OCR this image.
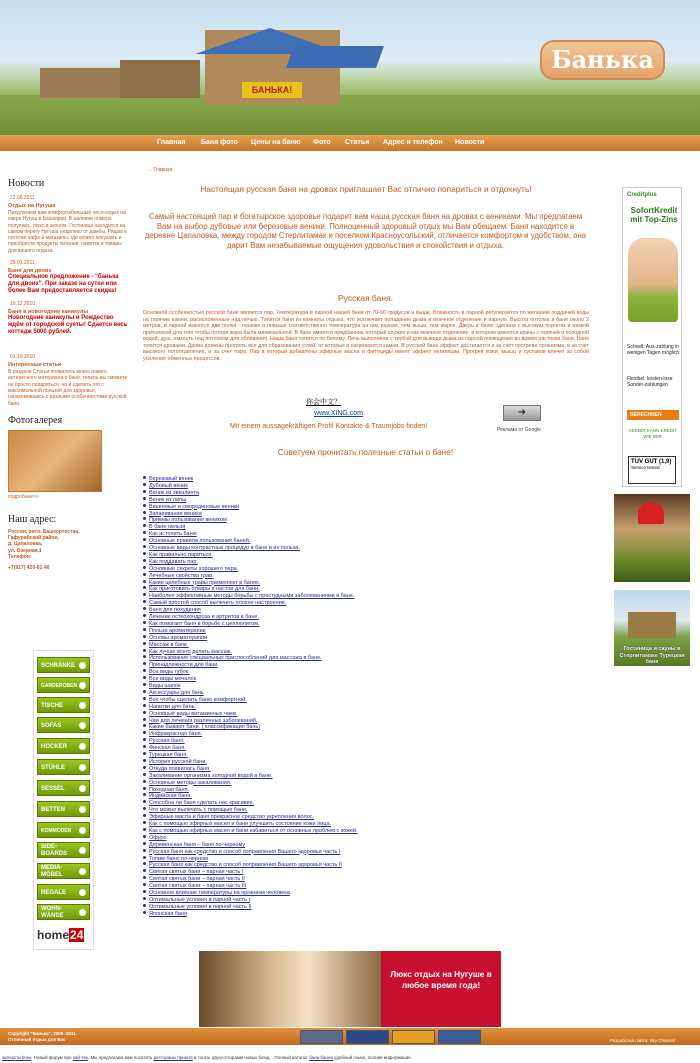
БАНЬКА!
Банька
Главная Баня фото Цены на баню Фото Статьи Адрес и телефон Новости
Новости
22.06.2011
Отдых на Нугуше
Предлагаем вам комфортабельный лесо-отдых на озере Нугуш в Башкирии. В наличии номера полулюкс, люкс и эконом. Гостиница находится на самом берегу Нугуша недалеко от дамбы. Рядом в посёлке кафе и магазины, где можно покушать и приобрести продукты питания, напитки и товары для вашего отдыха.
25.01.2011
Баня для двоих
Специальное предложение - "банька для двоих". При заказе на сутки или более Вам предоставляется скидка!
15.12.2010
Баня в новогодние каникулы
Новогодние каникулы и Рождество ждём от городской суеты! Сдается весь коттедж 5000 рублей.
01.10.2010
Интересные статьи
В разделе Статьи появилось много нового интересного материала о бане, теперь вы сможете не просто попариться, но и сделать это с максимальной пользой для здоровья, ознакомившись с разными особенностями русской бани.
Фотогалерея
подробнее>>
Наш адрес:
Россия, респ. Башкортостан,
Гафурийский район,
д. Цапаловка,
ул. Озерная,1
Телефон:
+7(917) 420-81-40
SCHRÄNKE
GARDEROBEN
TISCHE
SOFAS
HOCKER
STÜHLE
SESSEL
BETTEN
KOMMODEN
SIDE-BOARDS
MEDIA-MÖBEL
REGALE
WOHN-WÄNDE
home24
→ Главная
Настоящая русская баня на дровах приглашает Вас отлично попариться и отдохнуть!
Самый настоящий пар и богатырское здоровье подарит вам наша русская баня на дровах с вениками. Мы предлагаем Вам на выбор дубовые или березовые веники. Полноценный здоровый отдых мы Вам обещаем. Баня находится в деревне Цапаловка, между городом Стерлитамак и поселком Красноусольский, отличается комфортом и удобством, она дарит Вам незабываемые ощущения удовольствия и спокойствия и отдыха.
Русская баня.
Основной особенностью русской бани является пар. Температура в парной нашей бани от 70-90 градусов и выше. Влажность в парной регулируется по желанию поддачей воды на горячие камни, расположенные над печью. Топится баня из комнаты отдыха, что исключает попадание дыма в моечное отделение и парную. Высота потолка в бане около 2 метров, в парной имеются две полки - пониже и повыше соответственно температура на них разная, чем выше, тем жарче. Дверь в баню сделана с высоким порогом и низкой притолокой для того чтобы потеря жара была минимальной. В бане имеется предбанник, который служит и как моечное отделение, в котором имеются краны с горячей и холодной водой, душ, емкость над потолком для обливания. Наша баня топится по белому. Печь выполнена с трубой для вывода дыма из парной помещения во время растопки бани. Баня топится дровами. Дрова должны прогреть все для образования углей, от которых и нагреваются камни. В русской бане эффект достигается и за счет прогрева организма, и за счет высокого потоотделения, и за счет пара. Пар в который добавлены эфирные масла и фитоциды имеет эффект ингаляции. Прогрев кожи, мышц и суставов влечет за собой усиление обменных процессов.
你会中文？
www.XING.com
Mit einem aussagekräftigen Profil Kontakte & Traumjobs finden!
➜
Реклама от Google
Советуем прочитать полезные статьи о бане!
Березовый веник
Дубовый веник
Веник из эвкалипта
Веник из липы
Вишневые и смородиновые веники
Запаривание веника
Приемы пользования веником
В бане нельзя
Как истопить баню
Основные правила пользования баней.
Основные виды контрастных процедур в бане и их польза.
Как правильно париться.
Как поддавать пар.
Основные секреты хорошего пара.
Лечебные свойства трав.
Какие целебные травы применяют в банях.
Как приготовить отвары и настои для бани.
Наиболее эффективные методы борьбы с простудными заболеваниями в бане.
Самый простой способ вылечить плохое настроение.
Баня для похудения
Лечение остеохондроза и артритов в бане.
Как помогает баня в борьбе с целлюлитом.
Польза ароматерапии
Основы ароматерапии
Массаж в бане.
Как лучше всего делать массаж.
Использование специальных приспособлений для массажа в бане.
Принадлежности для бани
Все виды губок.
Все виды мочалок
Виды шапок
Аксессуары для бань
Все чтобы сделать баню комфортной.
Напитки для бань.
Основные виды витаминных чаев.
Чаи для лечения различных заболеваний.
Какие бывают бани. ( классификация бань)
Инфракрасная баня.
Русская баня.
Финская баня.
Турецкая баня.
История русской бани.
Откуда появилась баня.
Закаливание организма холодной водой в бане.
Основные методы закаливания.
Походная баня.
Индийская баня.
Способна ли баня сделать нас красивее.
Что можно вылечить с помощью бани.
Эфирные масла и баня прекрасное средство укрепления волос.
Как с помощью эфирных масел и бани улучшить состояние кожи лица.
Как с помощью эфирных масел и бани избавиться от основных проблем с кожей.
Офуро
Деревенская баня – баня по-черному
Русская баня как средство и способ поправления Вашего здоровья часть I
Топим баню по-черном
Русская баня как средство и способ поправления Вашего здоровья часть II
Святая святых бани – парная часть I
Святая святых бани – парная часть II
Святая святых бани – парная часть III
Основное влияние температуры на организм человека
Оптимальные условия в парной часть I
Оптимальные условия в парной часть II
Японская баня
Люкс отдых на Нугуше в любое время года!
Creditplus
SofortKredit mit Top-Zins
Schnell: Aus-zahlung in wenigen Tagen möglich
Flexibel: kosten-lose Sonder-zahlungen
BERECHNEN
KEINER KANN KREDIT WIE WIR.
TÜV GUT (1,9)
Service tested
Гостиница и сауны в Стерлитамаке Турецкая баня
Copyright "Банька", 2009 -2011
Отличный отдых для Вас	Разработка сайта: Sky Channel
запчасти bmw. Новый форум про хай-тек. Мы предлагаем вам посетить рестораны приюта и тогать двухсотгорамм новых блюд. . Полный каталог бани банна удобный поиск, полная информация
